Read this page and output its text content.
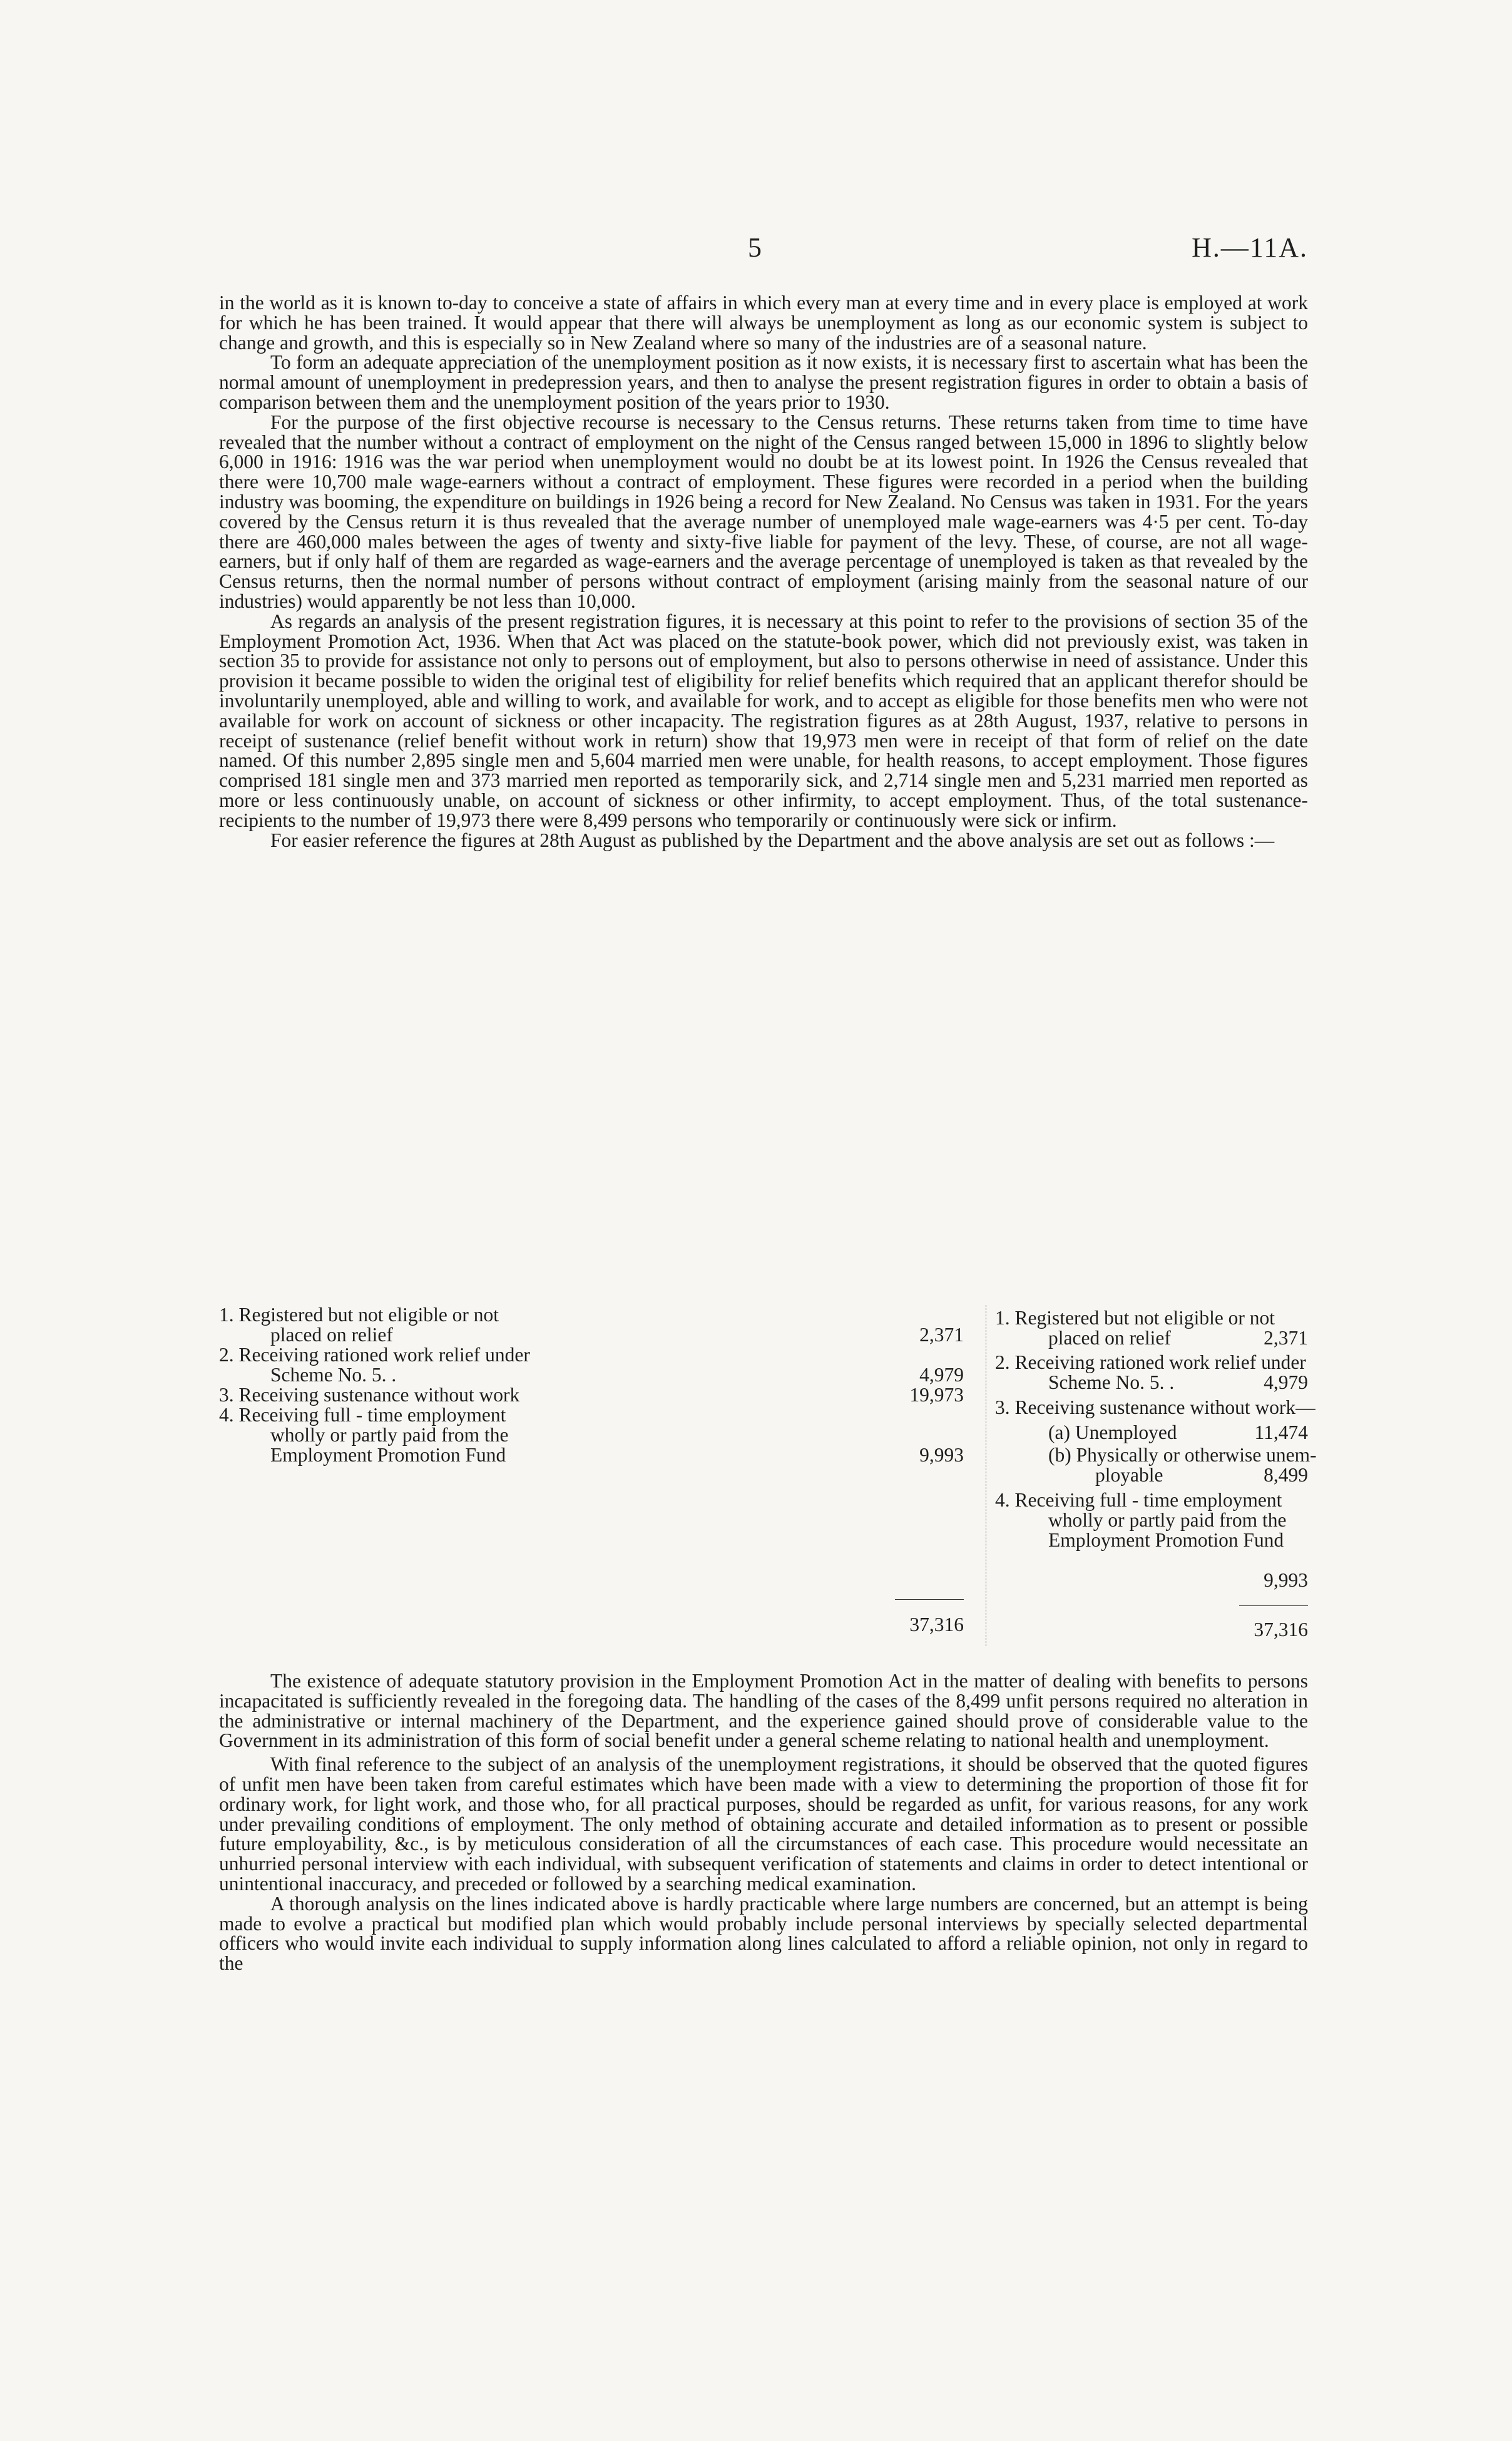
5	H.—11A.

in the world as it is known to-day to conceive a state of affairs in which every man at every time and in every place is employed at work for which he has been trained. It would appear that there will always be unemployment as long as our economic system is subject to change and growth, and this is especially so in New Zealand where so many of the industries are of a seasonal nature.

To form an adequate appreciation of the unemployment position as it now exists, it is necessary first to ascertain what has been the normal amount of unemployment in predepression years, and then to analyse the present registration figures in order to obtain a basis of comparison between them and the unemployment position of the years prior to 1930.

For the purpose of the first objective recourse is necessary to the Census returns. These returns taken from time to time have revealed that the number without a contract of employment on the night of the Census ranged between 15,000 in 1896 to slightly below 6,000 in 1916: 1916 was the war period when unemployment would no doubt be at its lowest point. In 1926 the Census revealed that there were 10,700 male wage-earners without a contract of employment. These figures were recorded in a period when the building industry was booming, the expenditure on buildings in 1926 being a record for New Zealand. No Census was taken in 1931. For the years covered by the Census return it is thus revealed that the average number of unemployed male wage-earners was 4·5 per cent. To-day there are 460,000 males between the ages of twenty and sixty-five liable for payment of the levy. These, of course, are not all wage-earners, but if only half of them are regarded as wage-earners and the average percentage of unemployed is taken as that revealed by the Census returns, then the normal number of persons without contract of employment (arising mainly from the seasonal nature of our industries) would apparently be not less than 10,000.

As regards an analysis of the present registration figures, it is necessary at this point to refer to the provisions of section 35 of the Employment Promotion Act, 1936. When that Act was placed on the statute-book power, which did not previously exist, was taken in section 35 to provide for assistance not only to persons out of employment, but also to persons otherwise in need of assistance. Under this provision it became possible to widen the original test of eligibility for relief benefits which required that an applicant therefor should be involuntarily unemployed, able and willing to work, and available for work, and to accept as eligible for those benefits men who were not available for work on account of sickness or other incapacity. The registration figures as at 28th August, 1937, relative to persons in receipt of sustenance (relief benefit without work in return) show that 19,973 men were in receipt of that form of relief on the date named. Of this number 2,895 single men and 5,604 married men were unable, for health reasons, to accept employment. Those figures comprised 181 single men and 373 married men reported as temporarily sick, and 2,714 single men and 5,231 married men reported as more or less continuously unable, on account of sickness or other infirmity, to accept employment. Thus, of the total sustenance-recipients to the number of 19,973 there were 8,499 persons who temporarily or continuously were sick or infirm.

For easier reference the figures at 28th August as published by the Department and the above analysis are set out as follows :—

1. Registered but not eligible or not
placed on relief	2,371
2. Receiving rationed work relief under
Scheme No. 5. .	4,979
3. Receiving sustenance without work	19,973
4. Receiving full - time employment
wholly or partly paid from the
Employment Promotion Fund	9,993
37,316
1. Registered but not eligible or not
placed on relief	2,371
2. Receiving rationed work relief under
Scheme No. 5. .	4,979
3. Receiving sustenance without work—
(a) Unemployed	11,474
(b) Physically or otherwise unem-
ployable	8,499
4. Receiving full - time employment
wholly or partly paid from the
Employment Promotion Fund
9,993
37,316

The existence of adequate statutory provision in the Employment Promotion Act in the matter of dealing with benefits to persons incapacitated is sufficiently revealed in the foregoing data. The handling of the cases of the 8,499 unfit persons required no alteration in the administrative or internal machinery of the Department, and the experience gained should prove of considerable value to the Government in its administration of this form of social benefit under a general scheme relating to national health and unemployment.

With final reference to the subject of an analysis of the unemployment registrations, it should be observed that the quoted figures of unfit men have been taken from careful estimates which have been made with a view to determining the proportion of those fit for ordinary work, for light work, and those who, for all practical purposes, should be regarded as unfit, for various reasons, for any work under prevailing conditions of employment. The only method of obtaining accurate and detailed information as to present or possible future employability, &c., is by meticulous consideration of all the circumstances of each case. This procedure would necessitate an unhurried personal interview with each individual, with subsequent verification of statements and claims in order to detect intentional or unintentional inaccuracy, and preceded or followed by a searching medical examination.

A thorough analysis on the lines indicated above is hardly practicable where large numbers are concerned, but an attempt is being made to evolve a practical but modified plan which would probably include personal interviews by specially selected departmental officers who would invite each individual to supply information along lines calculated to afford a reliable opinion, not only in regard to the
